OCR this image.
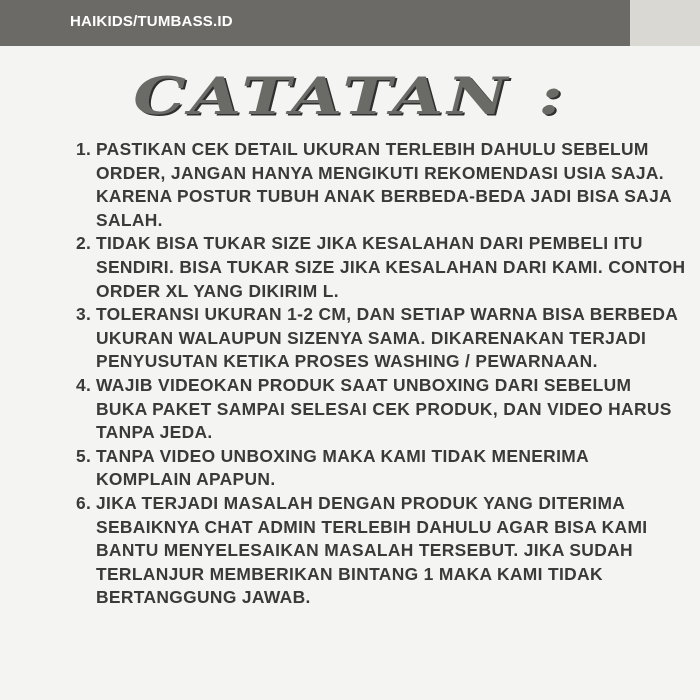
HAIKIDS/TUMBASS.ID
CATATAN :
1. PASTIKAN CEK DETAIL UKURAN TERLEBIH DAHULU SEBELUM ORDER, JANGAN HANYA MENGIKUTI REKOMENDASI USIA SAJA. KARENA POSTUR TUBUH ANAK BERBEDA-BEDA JADI BISA SAJA SALAH.
2. TIDAK BISA TUKAR SIZE JIKA KESALAHAN DARI PEMBELI ITU SENDIRI. BISA TUKAR SIZE JIKA KESALAHAN DARI KAMI. CONTOH ORDER XL YANG DIKIRIM L.
3. TOLERANSI UKURAN 1-2 CM, DAN SETIAP WARNA BISA BERBEDA UKURAN WALAUPUN SIZENYA SAMA. DIKARENAKAN TERJADI PENYUSUTAN KETIKA PROSES WASHING / PEWARNAAN.
4. WAJIB VIDEOKAN PRODUK SAAT UNBOXING DARI SEBELUM BUKA PAKET SAMPAI SELESAI CEK PRODUK, DAN VIDEO HARUS TANPA JEDA.
5. TANPA VIDEO UNBOXING MAKA KAMI TIDAK MENERIMA KOMPLAIN APAPUN.
6. JIKA TERJADI MASALAH DENGAN PRODUK YANG DITERIMA SEBAIKNYA CHAT ADMIN TERLEBIH DAHULU AGAR BISA KAMI BANTU MENYELESAIKAN MASALAH TERSEBUT. JIKA SUDAH TERLANJUR MEMBERIKAN BINTANG 1 MAKA KAMI TIDAK BERTANGGUNG JAWAB.
